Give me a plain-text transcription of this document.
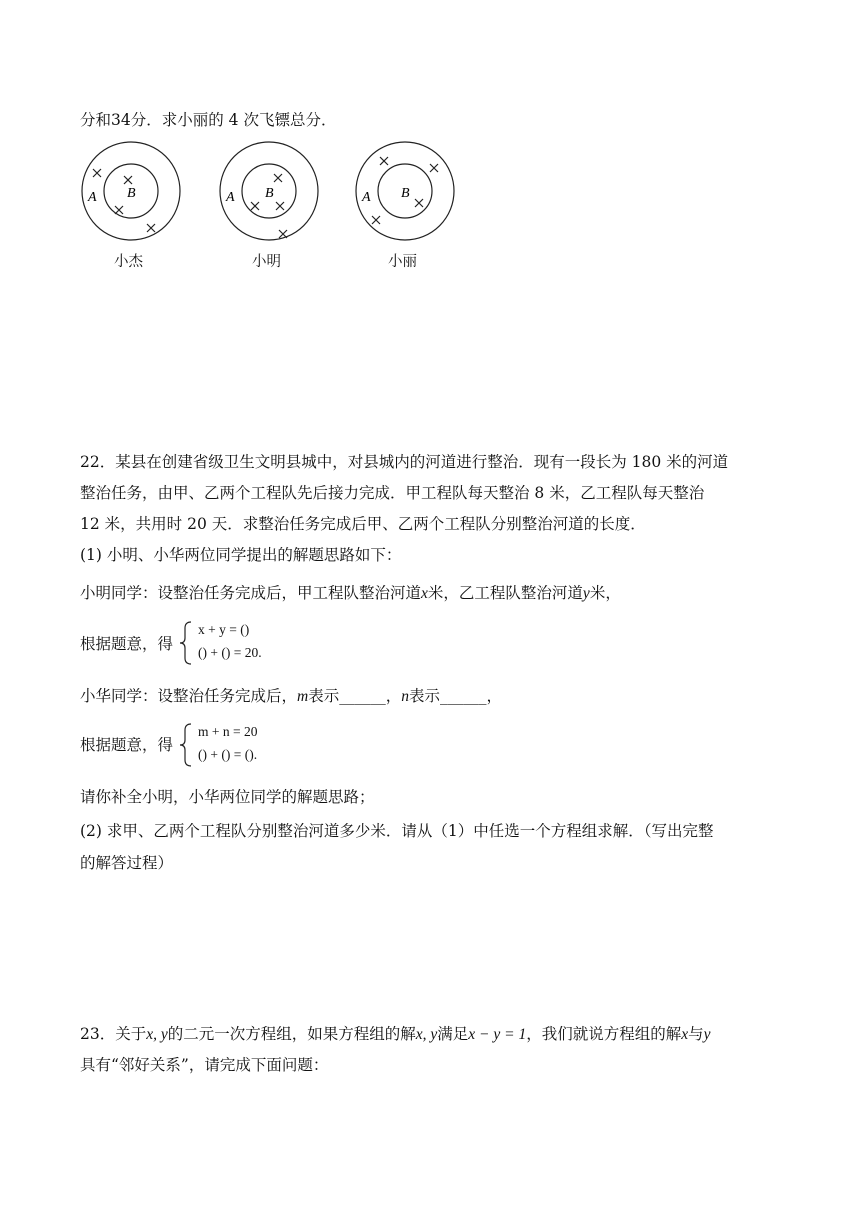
分和34分．求小丽的 4 次飞镖总分．
A B
小杰
A B
小明
A B
小丽
22．某县在创建省级卫生文明县城中，对县城内的河道进行整治．现有一段长为 180 米的河道
整治任务，由甲、乙两个工程队先后接力完成．甲工程队每天整治 8 米，乙工程队每天整治
12 米，共用时 20 天．求整治任务完成后甲、乙两个工程队分别整治河道的长度．
(1) 小明、小华两位同学提出的解题思路如下：
小明同学：设整治任务完成后，甲工程队整治河道x米，乙工程队整治河道y米，
根据题意，得
x + y = ()
() + () = 20.
小华同学：设整治任务完成后，m表示______，n表示______，
根据题意，得
m + n = 20
() + () = ().
请你补全小明，小华两位同学的解题思路；
(2) 求甲、乙两个工程队分别整治河道多少米．请从（1）中任选一个方程组求解．（写出完整
的解答过程）
23．关于x, y的二元一次方程组，如果方程组的解x, y满足x − y = 1，我们就说方程组的解x与y
具有“邻好关系”，请完成下面问题：
